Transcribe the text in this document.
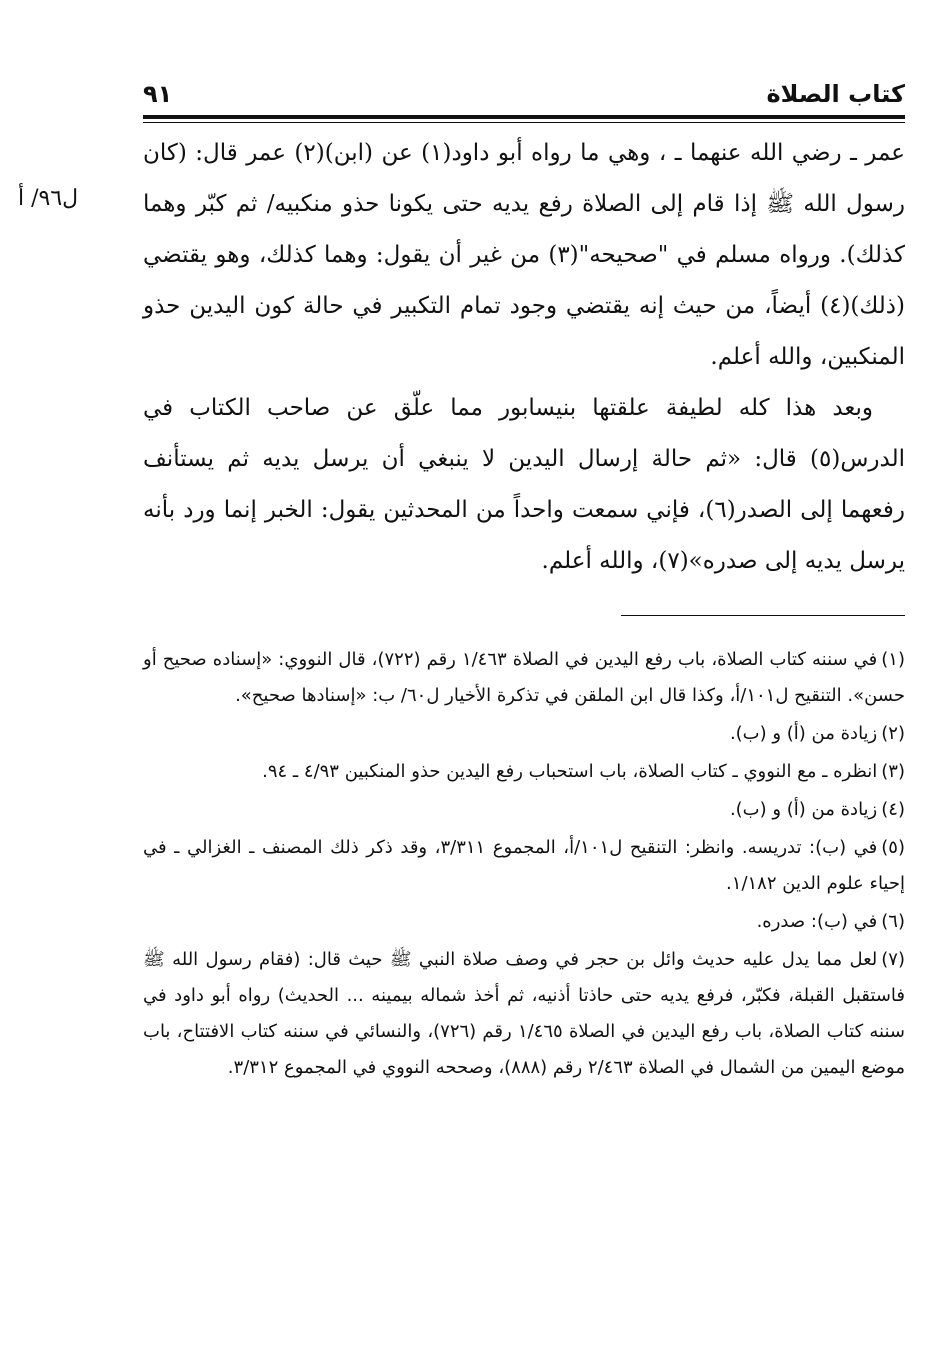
كتاب الصلاة
٩١
ل٩٦/ أ

عمر ـ رضي الله عنهما ـ ، وهي ما رواه أبو داود(١) عن (ابن)(٢) عمر قال: (كان رسول الله ﷺ إذا قام إلى الصلاة رفع يديه حتى يكونا حذو منكبيه/ ثم كبّر وهما كذلك). ورواه مسلم في "صحيحه"(٣) من غير أن يقول: وهما كذلك، وهو يقتضي (ذلك)(٤) أيضاً، من حيث إنه يقتضي وجود تمام التكبير في حالة كون اليدين حذو المنكبين، والله أعلم.

وبعد هذا كله لطيفة علقتها بنيسابور مما علّق عن صاحب الكتاب في الدرس(٥) قال: «ثم حالة إرسال اليدين لا ينبغي أن يرسل يديه ثم يستأنف رفعهما إلى الصدر(٦)، فإني سمعت واحداً من المحدثين يقول: الخبر إنما ورد بأنه يرسل يديه إلى صدره»(٧)، والله أعلم.

(١)في سننه كتاب الصلاة، باب رفع اليدين في الصلاة ١/٤٦٣ رقم (٧٢٢)، قال النووي: «إسناده صحيح أو حسن». التنقيح ل١٠١/أ، وكذا قال ابن الملقن في تذكرة الأخيار ل٦٠/ ب: «إسنادها صحيح».

(٢)زيادة من (أ) و (ب).

(٣)انظره ـ مع النووي ـ كتاب الصلاة، باب استحباب رفع اليدين حذو المنكبين ٤/٩٣ ـ ٩٤.

(٤)زيادة من (أ) و (ب).

(٥)في (ب): تدريسه. وانظر: التنقيح ل١٠١/أ، المجموع ٣/٣١١، وقد ذكر ذلك المصنف ـ الغزالي ـ في إحياء علوم الدين ١/١٨٢.

(٦)في (ب): صدره.

(٧)لعل مما يدل عليه حديث وائل بن حجر في وصف صلاة النبي ﷺ حيث قال: (فقام رسول الله ﷺ فاستقبل القبلة، فكبّر، فرفع يديه حتى حاذتا أذنيه، ثم أخذ شماله بيمينه ... الحديث) رواه أبو داود في سننه كتاب الصلاة، باب رفع اليدين في الصلاة ١/٤٦٥ رقم (٧٢٦)، والنسائي في سننه كتاب الافتتاح، باب موضع اليمين من الشمال في الصلاة ٢/٤٦٣ رقم (٨٨٨)، وصححه النووي في المجموع ٣/٣١٢.
